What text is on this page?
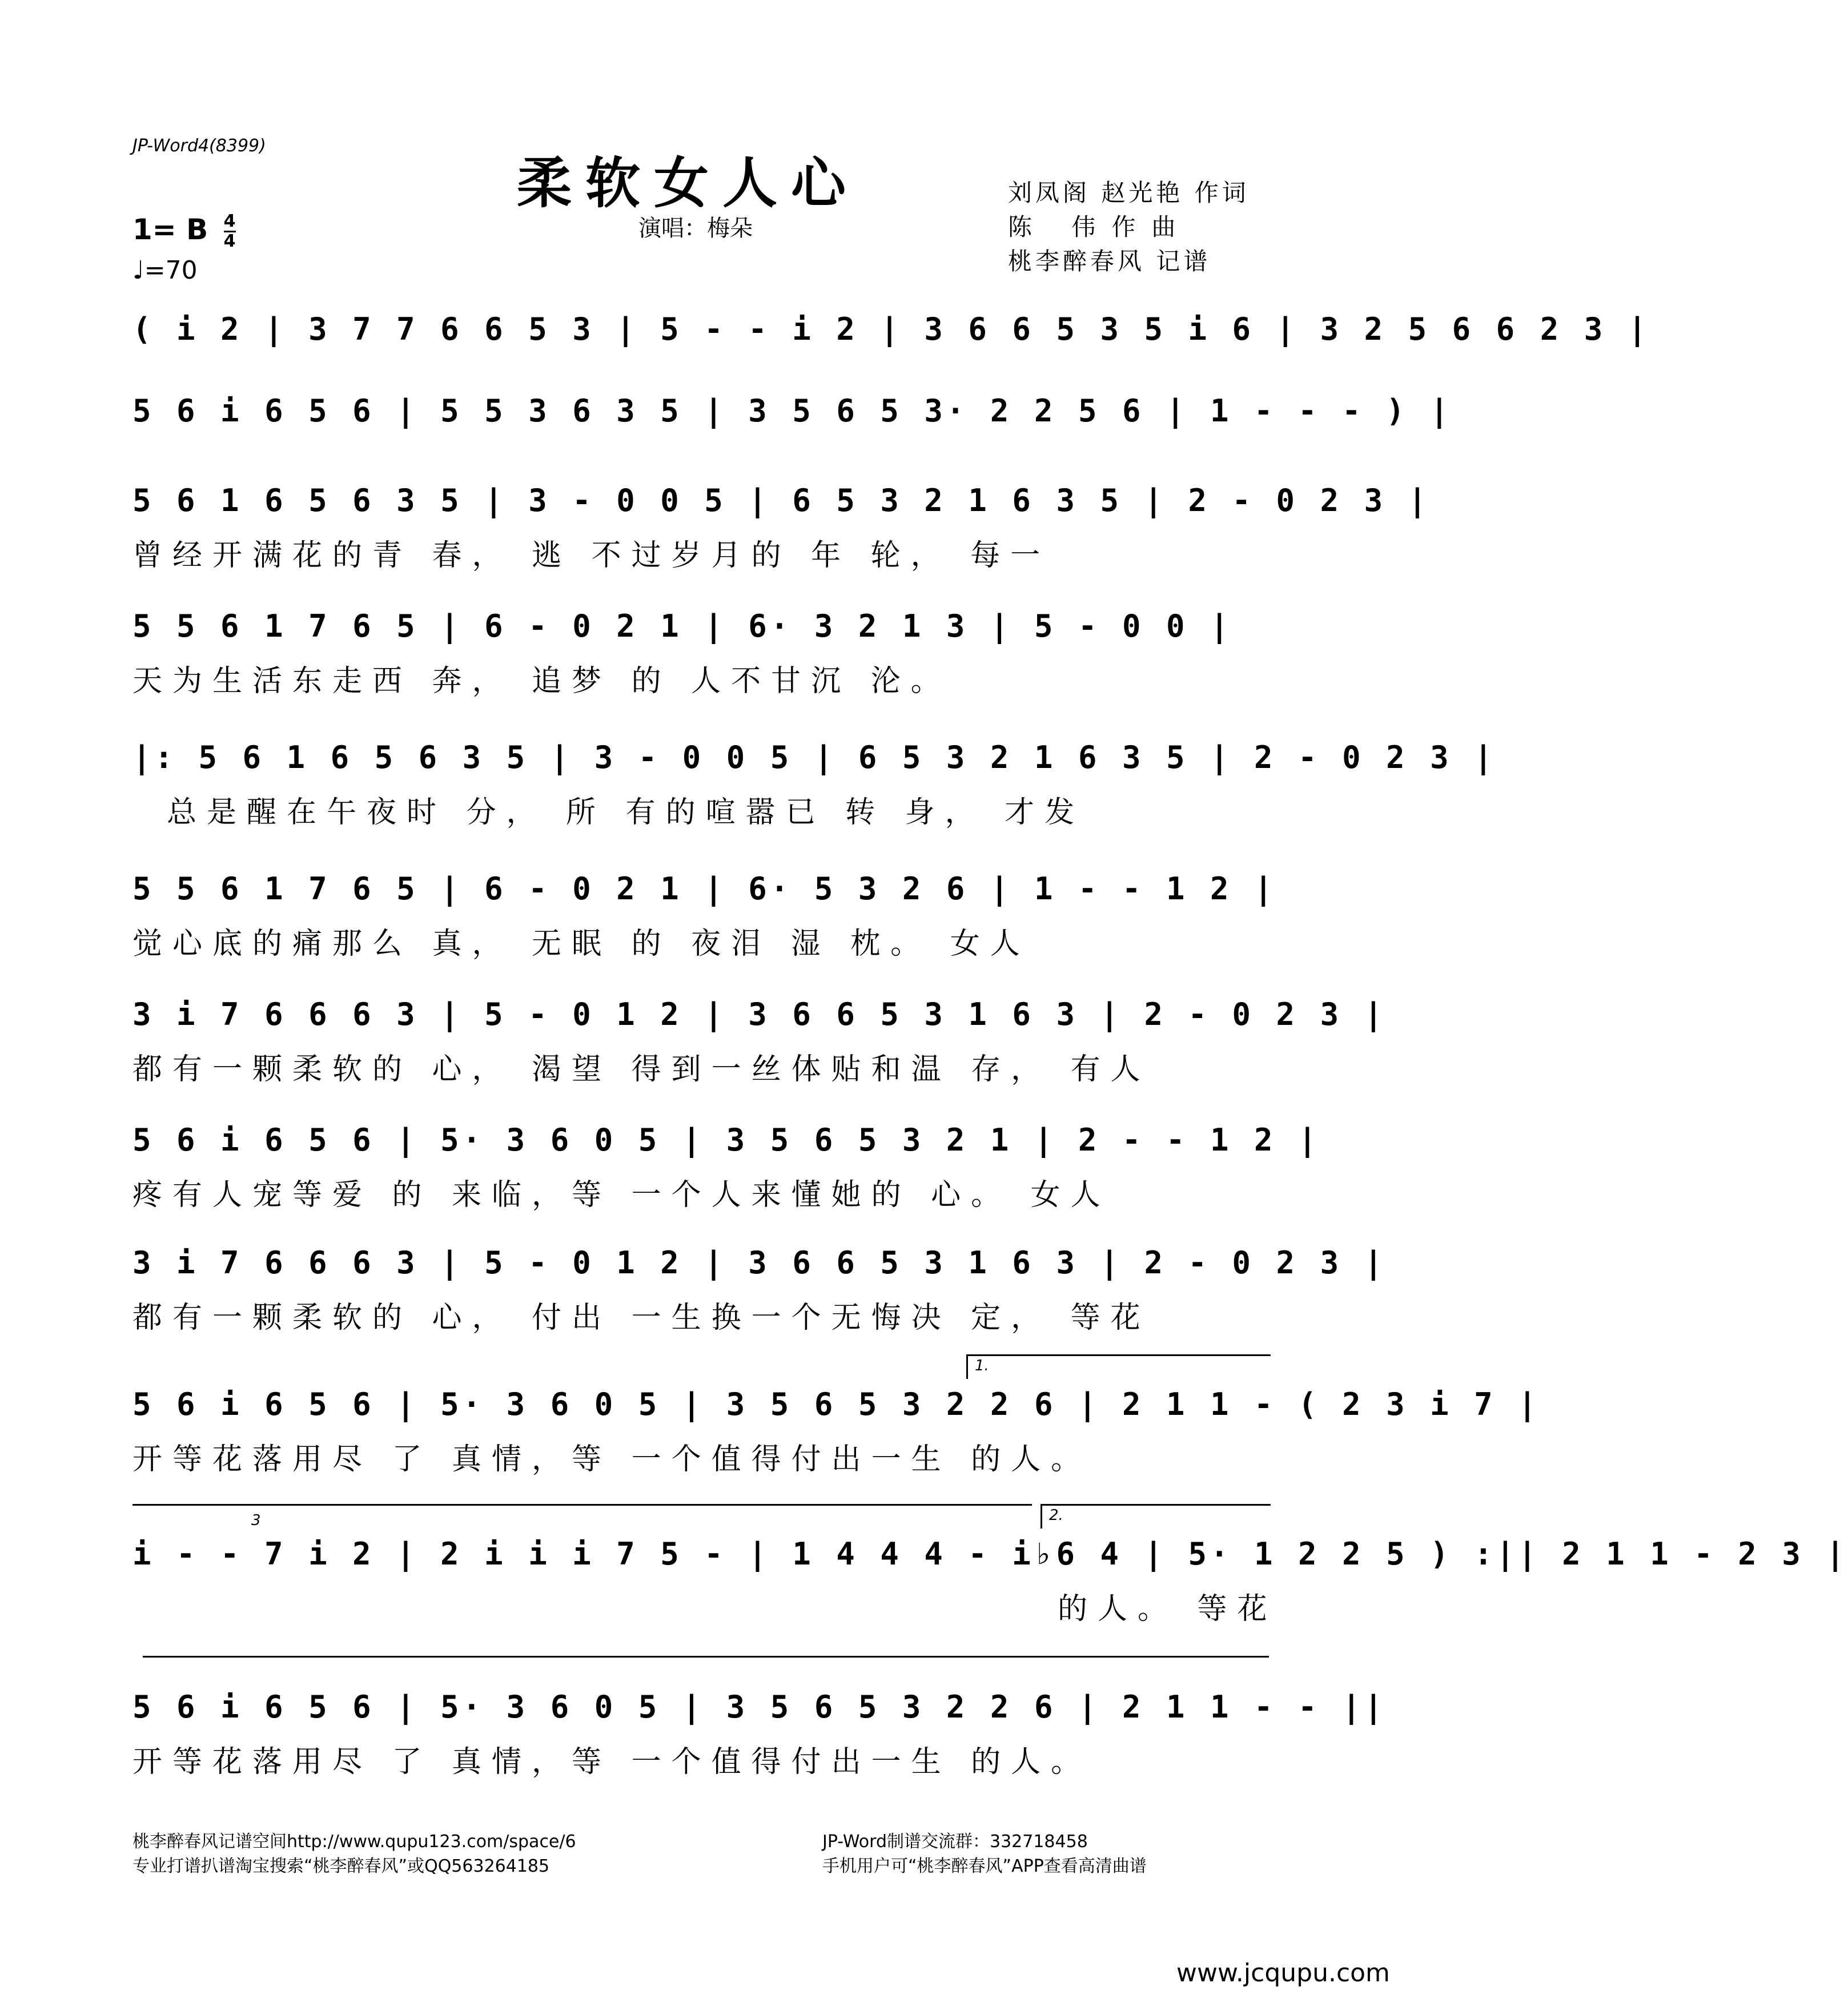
JP-Word4(8399)
柔软女人心
演唱：梅朵
刘凤阁 赵光艳 作词
陈 伟作曲
桃李醉春风 记谱
1= B $\frac{4}{4}$
♩=70
( i 2 | 3 7 7 6 6 5 3 | 5 - - i 2 | 3 6 6 5 3 5 i 6 | 3 2 5 6 6 2 3 |
5 6 i 6 5 6 | 5 5 3 6 3 5 | 3 5 6 5 3· 2 2 5 6 | 1 - - - ) |
5 6 1 6 5 6 3 5 | 3 - 0 0 5 | 6 5 3 2 1 6 3 5 | 2 - 0 2 3 |
曾经开满花的青 春， 逃 不过岁月的 年 轮， 每一
5 5 6 1 7 6 5 | 6 - 0 2 1 | 6· 3 2 1 3 | 5 - 0 0 |
天为生活东走西 奔， 追梦 的 人不甘沉 沦。
|: 5 6 1 6 5 6 3 5 | 3 - 0 0 5 | 6 5 3 2 1 6 3 5 | 2 - 0 2 3 |
总是醒在午夜时 分， 所 有的喧嚣已 转 身， 才发
5 5 6 1 7 6 5 | 6 - 0 2 1 | 6· 5 3 2 6 | 1 - - 1 2 |
觉心底的痛那么 真， 无眠 的 夜泪 湿 枕。 女人
3 i 7 6 6 6 3 | 5 - 0 1 2 | 3 6 6 5 3 1 6 3 | 2 - 0 2 3 |
都有一颗柔软的 心， 渴望 得到一丝体贴和温 存， 有人
5 6 i 6 5 6 | 5· 3 6 0 5 | 3 5 6 5 3 2 1 | 2 - - 1 2 |
疼有人宠等爱 的 来临，等 一个人来懂她的 心。 女人
3 i 7 6 6 6 3 | 5 - 0 1 2 | 3 6 6 5 3 1 6 3 | 2 - 0 2 3 |
都有一颗柔软的 心， 付出 一生换一个无悔决 定， 等花
1.
5 6 i 6 5 6 | 5· 3 6 0 5 | 3 5 6 5 3 2 2 6 | 2 1 1 - ( 2 3 i 7 |
开等花落用尽 了 真情，等 一个值得付出一生 的人。
2.
3
i - - 7 i 2 | 2 i i i 7 5 - | 1 4 4 4 - i♭6 4 | 5· 1 2 2 5 ) :|| 2 1 1 - 2 3 |
的人。 等花
5 6 i 6 5 6 | 5· 3 6 0 5 | 3 5 6 5 3 2 2 6 | 2 1 1 - - ||
开等花落用尽 了 真情，等 一个值得付出一生 的人。
桃李醉春风记谱空间http://www.qupu123.com/space/6
专业打谱扒谱淘宝搜索“桃李醉春风”或QQ563264185
JP-Word制谱交流群：332718458
手机用户可“桃李醉春风”APP查看高清曲谱
www.jcqupu.com
